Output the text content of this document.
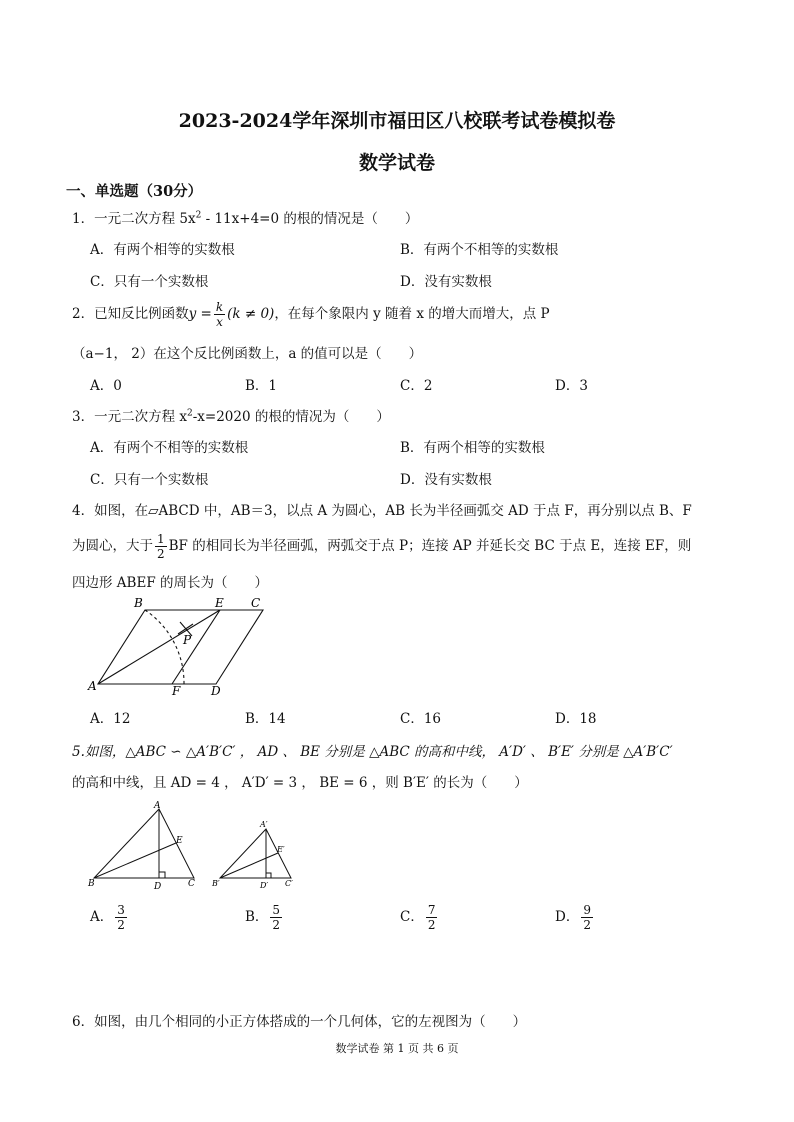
2023-2024学年深圳市福田区八校联考试卷模拟卷
数学试卷
一、单选题（30分）
1．一元二次方程 $5x^2 - 11x+4=0$ 的根的情况是（　　）
A．有两个相等的实数根	B．有两个不相等的实数根
C．只有一个实数根	D．没有实数根
2．已知反比例函数$y = \frac{k}{x} (k \ne 0)$，在每个象限内 y 随着 x 的增大而增大，点 P
（a−1， 2）在这个反比例函数上，a 的值可以是（　　）
A．0	B．1	C．2	D．3
3．一元二次方程 $x^2-x=2020$ 的根的情况为（　　）
A．有两个不相等的实数根	B．有两个相等的实数根
C．只有一个实数根	D．没有实数根
4．如图，在▱ABCD 中，AB＝3，以点 A 为圆心，AB 长为半径画弧交 AD 于点 F，再分别以点 B、F
为圆心，大于 $\frac{1}{2}$ BF 的相同长为半径画弧，两弧交于点 P；连接 AP 并延长交 BC 于点 E，连接 EF，则
四边形 ABEF 的周长为（　　）
B	E C
P
A	F	D
A．12	B．14	C．16	D．18
5.如图，△ABC ∽ △A′B′C′ ， AD 、 BE 分别是 △ABC 的高和中线， A′D′ 、 B′E′ 分别是 △A′B′C′
的高和中线，且 AD = 4 ， A′D′ = 3 ， BE = 6 ，则 B′E′ 的长为（　　）
A
E
B	D	C
A′
E′
B′	D′ C′
A． $\frac{3}{2}$	B． $\frac{5}{2}$	C． $\frac{7}{2}$	D． $\frac{9}{2}$
6．如图，由几个相同的小正方体搭成的一个几何体，它的左视图为（　　）
数学试卷 第 1 页 共 6 页
